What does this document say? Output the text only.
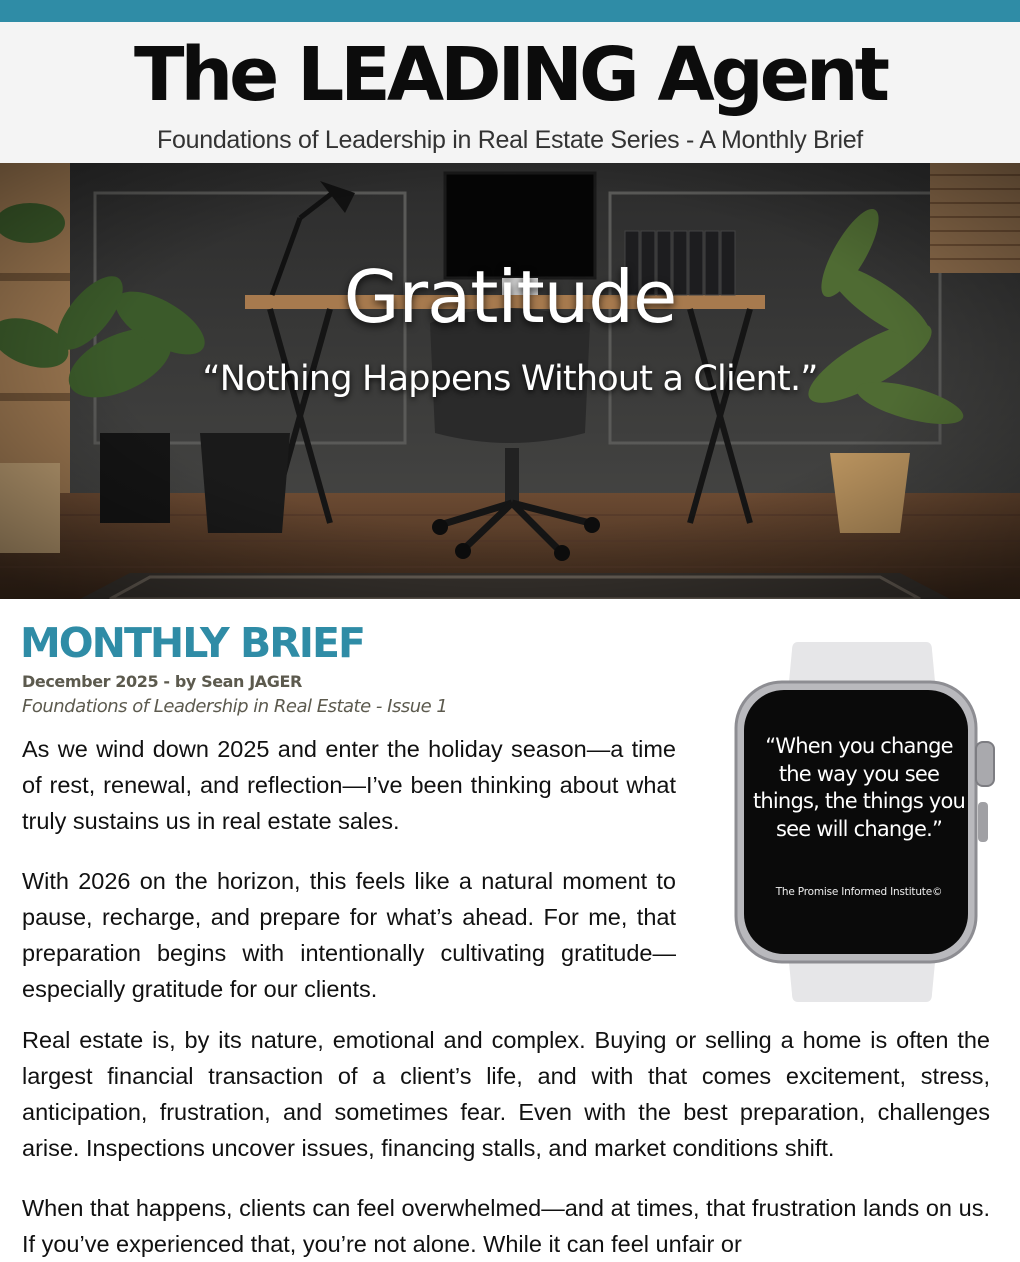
The LEADING Agent
Foundations of Leadership in Real Estate Series - A Monthly Brief
Gratitude
“Nothing Happens Without a Client.”
MONTHLY BRIEF
December 2025 - by Sean JAGER
Foundations of Leadership in Real Estate - Issue 1

As we wind down 2025 and enter the holiday season—a time of rest, renewal, and reflection—I’ve been thinking about what truly sustains us in real estate sales.

With 2026 on the horizon, this feels like a natural moment to pause, recharge, and prepare for what’s ahead. For me, that preparation begins with intentionally cultivating gratitude—especially gratitude for our clients.

Real estate is, by its nature, emotional and complex. Buying or selling a home is often the largest financial transaction of a client’s life, and with that comes excitement, stress, anticipation, frustration, and sometimes fear. Even with the best preparation, challenges arise. Inspections uncover issues, financing stalls, and market conditions shift.

When that happens, clients can feel overwhelmed—and at times, that frustration lands on us. If you’ve experienced that, you’re not alone. While it can feel unfair or

“When you change the way you see things, the things you see will change.”
The Promise Informed Institute©
